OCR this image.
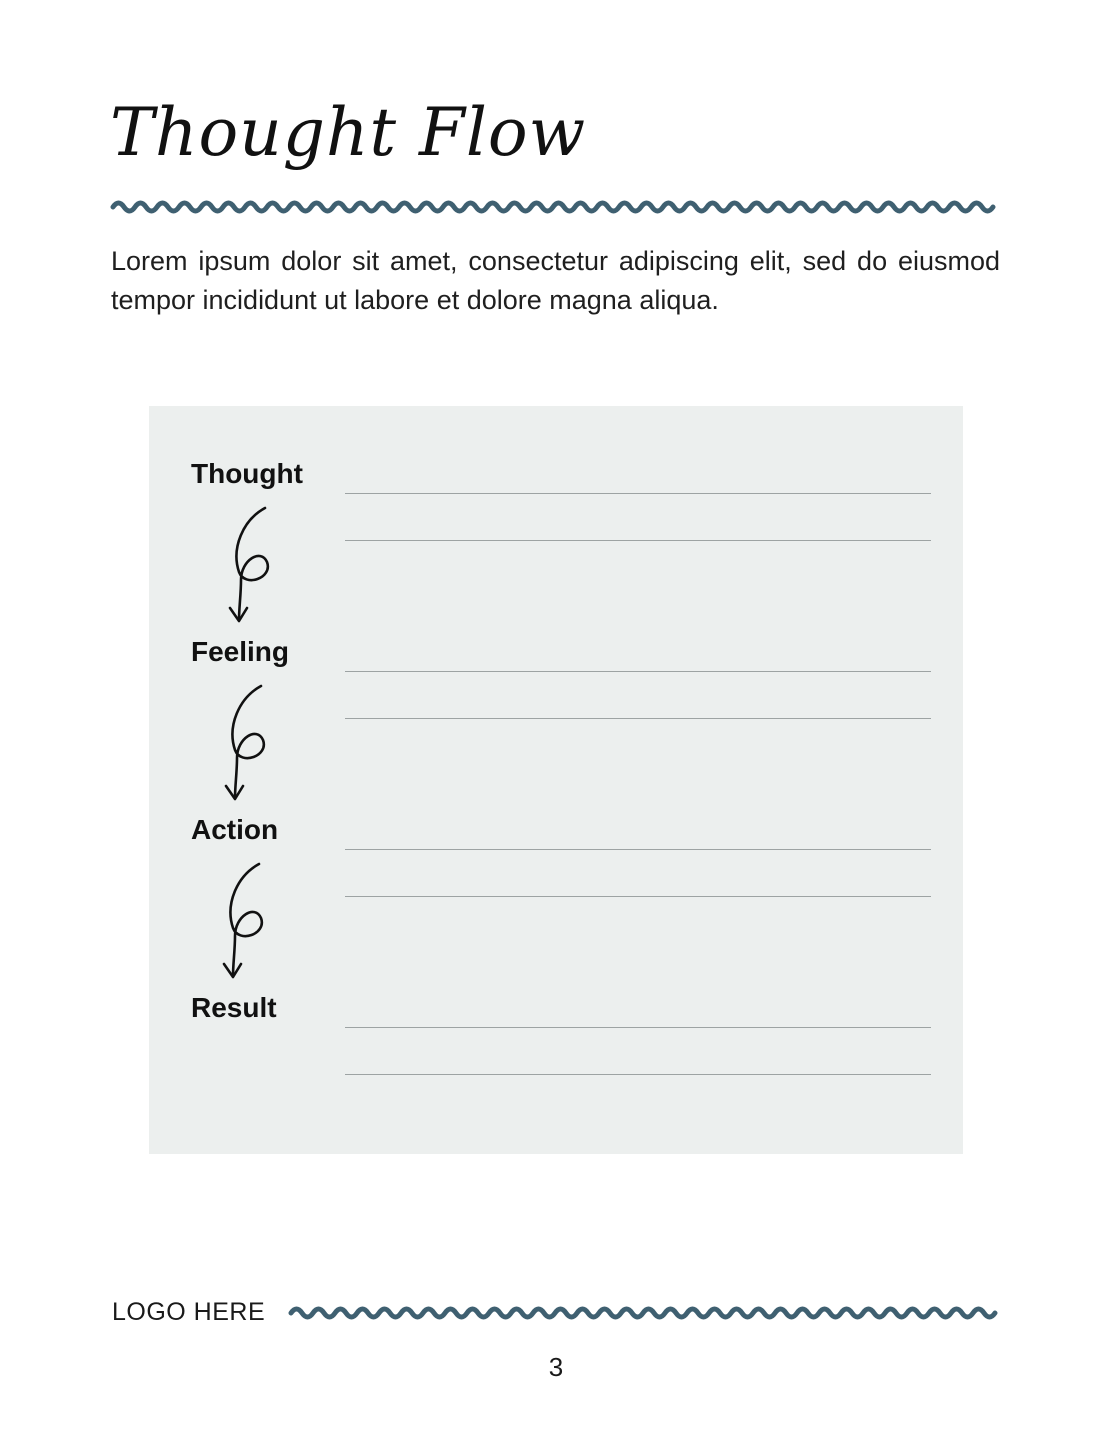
Thought Flow

Lorem ipsum dolor sit amet, consectetur adipiscing elit, sed do eiusmod tempor incididunt ut labore et dolore magna aliqua.

Thought
Feeling
Action
Result
LOGO HERE
3
